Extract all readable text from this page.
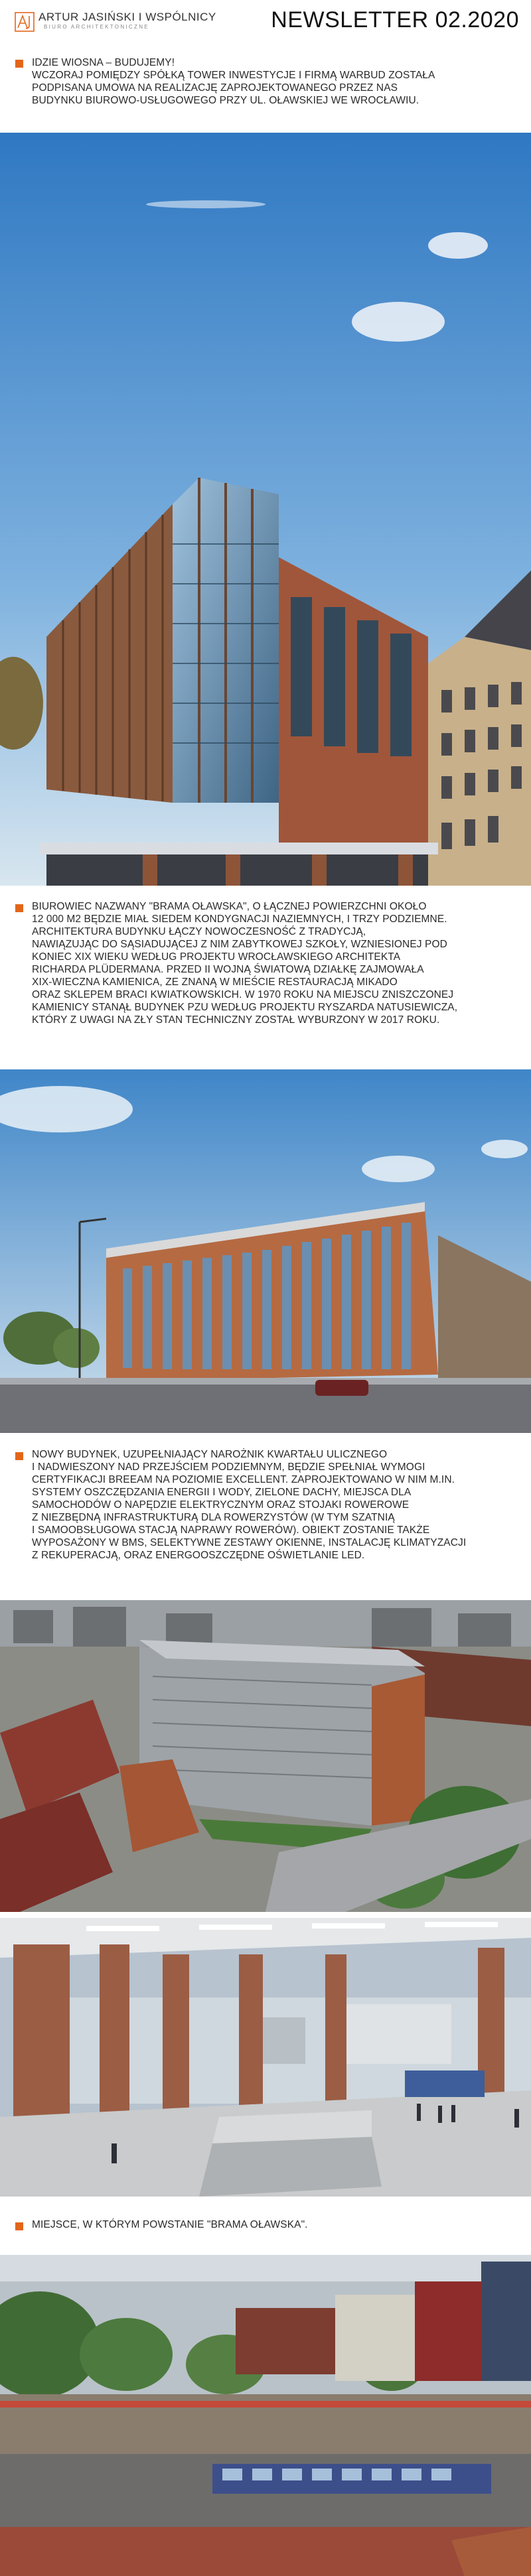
ARTUR JASIŃSKI I WSPÓLNICY
BIURO ARCHITEKTONICZNE	NEWSLETTER 02.2020
IDZIE WIOSNA – BUDUJEMY!
WCZORAJ POMIĘDZY SPÓŁKĄ TOWER INWESTYCJE I FIRMĄ WARBUD ZOSTAŁA
PODPISANA UMOWA NA REALIZACJĘ ZAPROJEKTOWANEGO PRZEZ NAS
BUDYNKU BIUROWO-USŁUGOWEGO PRZY UL. OŁAWSKIEJ WE WROCŁAWIU.
BIUROWIEC NAZWANY "BRAMA OŁAWSKA", O ŁĄCZNEJ POWIERZCHNI OKOŁO
12 000 M2 BĘDZIE MIAŁ SIEDEM KONDYGNACJI NAZIEMNYCH, I TRZY PODZIEMNE.
ARCHITEKTURA BUDYNKU ŁĄCZY NOWOCZESNOŚĆ Z TRADYCJĄ,
NAWIĄZUJĄC DO SĄSIADUJĄCEJ Z NIM ZABYTKOWEJ SZKOŁY, WZNIESIONEJ POD
KONIEC XIX WIEKU WEDŁUG PROJEKTU WROCŁAWSKIEGO ARCHITEKTA
RICHARDA PLÜDERMANA. PRZED II WOJNĄ ŚWIATOWĄ DZIAŁKĘ ZAJMOWAŁA
XIX-WIECZNA KAMIENICA, ZE ZNANĄ W MIEŚCIE RESTAURACJĄ MIKADO
ORAZ SKLEPEM BRACI KWIATKOWSKICH. W 1970 ROKU NA MIEJSCU ZNISZCZONEJ
KAMIENICY STANĄŁ BUDYNEK PZU WEDŁUG PROJEKTU RYSZARDA NATUSIEWICZA,
KTÓRY Z UWAGI NA ZŁY STAN TECHNICZNY ZOSTAŁ WYBURZONY W 2017 ROKU.
NOWY BUDYNEK, UZUPEŁNIAJĄCY NAROŻNIK KWARTAŁU ULICZNEGO
I NADWIESZONY NAD PRZEJŚCIEM PODZIEMNYM, BĘDZIE SPEŁNIAŁ WYMOGI
CERTYFIKACJI BREEAM NA POZIOMIE EXCELLENT. ZAPROJEKTOWANO W NIM M.IN.
SYSTEMY OSZCZĘDZANIA ENERGII I WODY, ZIELONE DACHY, MIEJSCA DLA
SAMOCHODÓW O NAPĘDZIE ELEKTRYCZNYM ORAZ STOJAKI ROWEROWE
Z NIEZBĘDNĄ INFRASTRUKTURĄ DLA ROWERZYSTÓW (W TYM SZATNIĄ
I SAMOOBSŁUGOWA STACJĄ NAPRAWY ROWERÓW). OBIEKT ZOSTANIE TAKŻE
WYPOSAŻONY W BMS, SELEKTYWNE ZESTAWY OKIENNE, INSTALACJĘ KLIMATYZACJI
Z REKUPERACJĄ, ORAZ ENERGOOSZCZĘDNE OŚWIETLANIE LED.
MIEJSCE, W KTÓRYM POWSTANIE "BRAMA OŁAWSKA".
